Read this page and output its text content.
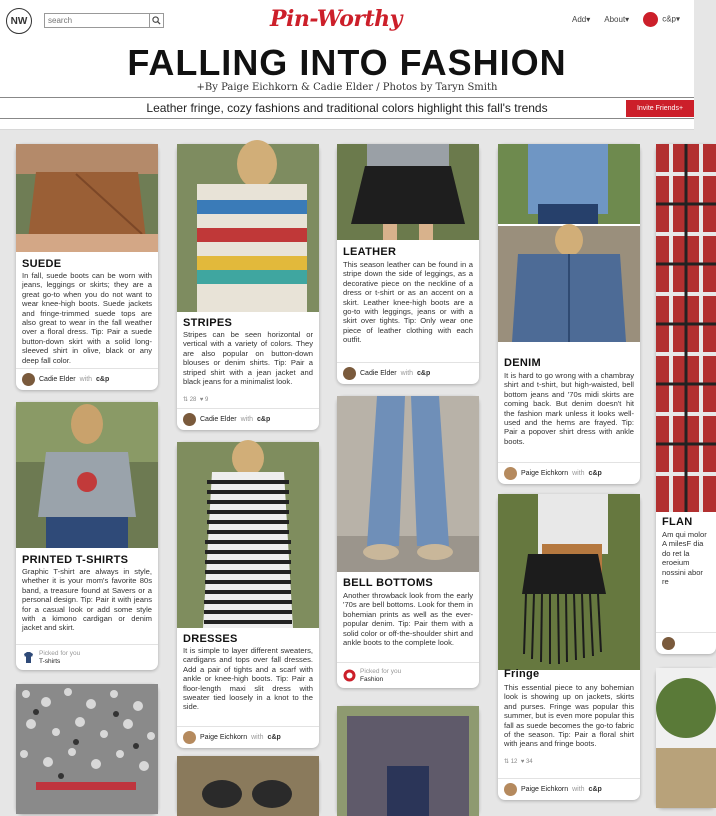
NW
search	Pin-Worthy	Add▾ About▾	c&p▾
FALLING INTO FASHION
+By Paige Eichkorn & Cadie Elder / Photos by Taryn Smith
Leather fringe, cozy fashions and traditional colors highlight this fall's trends	Invite Friends+
SUEDE
In fall, suede boots can be worn with jeans, leggings or skirts; they are a great go-to when you do not want to wear knee-high boots. Suede jackets and fringe-trimmed suede tops are also great to wear in the fall weather over a floral dress. Tip: Pair a suede button-down skirt with a solid long-sleeved shirt in olive, black or any deep fall color.
Cadie Elder with c&p
PRINTED T-SHIRTS
Graphic T-shirt are always in style, whether it is your mom's favorite 80s band, a treasure found at Savers or a personal design. Tip: Pair it with jeans for a casual look or add some style with a kimono cardigan or denim jacket and skirt.
Picked for you
T-shirts
STRIPES
Stripes can be seen horizontal or vertical with a variety of colors. They are also popular on button-down blouses or denim shirts. Tip: Pair a striped shirt with a jean jacket and black jeans for a minimalist look.
⇅ 28 ♥ 9
Cadie Elder with c&p
DRESSES
It is simple to layer different sweaters, cardigans and tops over fall dresses. Add a pair of tights and a scarf with ankle or knee-high boots. Tip: Pair a floor-length maxi slit dress with sweater tied loosely in a knot to the side.
Paige Eichkorn with c&p
LEATHER
This season leather can be found in a stripe down the side of leggings, as a decorative piece on the neckline of a dress or t-shirt or as an accent on a skirt. Leather knee-high boots are a go-to with leggings, jeans or with a skirt over tights. Tip: Only wear one piece of leather clothing with each outfit.
Cadie Elder with c&p
BELL BOTTOMS
Another throwback look from the early '70s are bell bottoms. Look for them in bohemian prints as well as the ever-popular denim. Tip: Pair them with a solid color or off-the-shoulder shirt and ankle boots to the complete look.
Picked for you
Fashion
DENIM
It is hard to go wrong with a chambray shirt and t-shirt, but high-waisted, bell bottom jeans and '70s midi skirts are coming back. But denim doesn't hit the fashion mark unless it looks well-used and the hems are frayed. Tip: Pair a popover shirt dress with ankle boots.
Paige Eichkorn with c&p
Fringe
This essential piece to any bohemian look is showing up on jackets, skirts and purses. Fringe was popular this summer, but is even more popular this fall as suede becomes the go-to fabric of the season. Tip: Pair a floral shirt with jeans and fringe boots.
⇅ 12 ♥ 34
Paige Eichkorn with c&p
FLAN
Am qui molor A milesF dia do ret la eroeium nossini abor re
